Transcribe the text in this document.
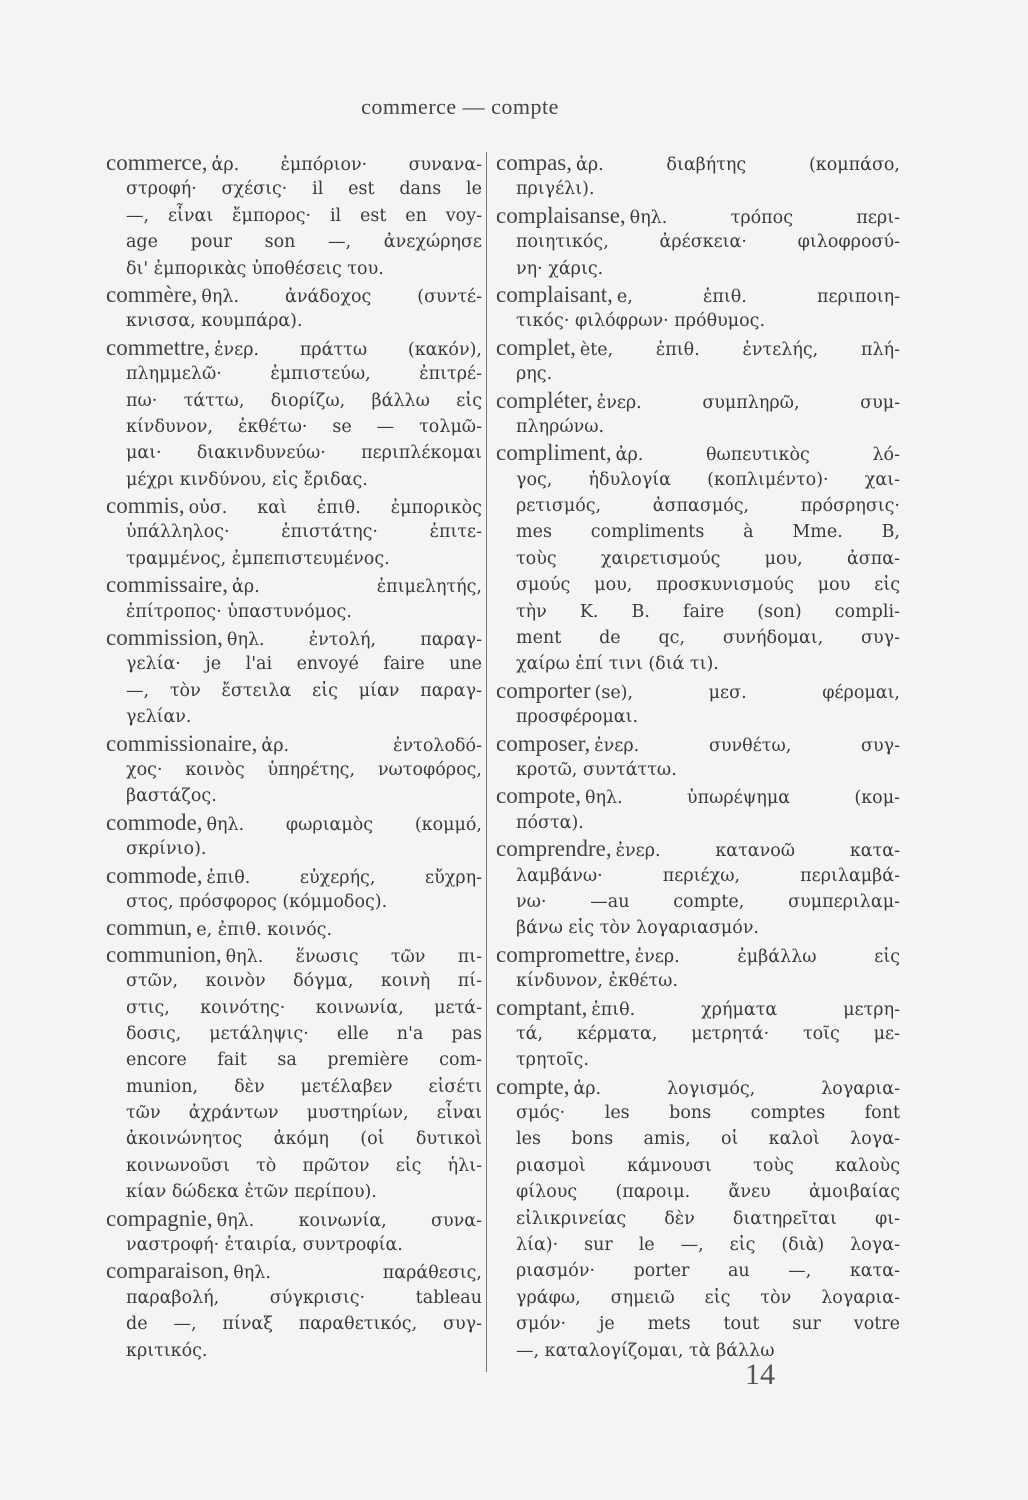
commerce — compte
commerce, ἀρ. ἐμπόριον· συνανα-
στροφή· σχέσις· il est dans le
—, εἶναι ἔμπορος· il est en voy-
age pour son —, ἀνεχώρησε
δι' ἐμπορικὰς ὑποθέσεις του.
commère, θηλ. ἀνάδοχος (συντέ-
κνισσα, κουμπάρα).
commettre, ἐνερ. πράττω (κακόν),
πλημμελῶ· ἐμπιστεύω, ἐπιτρέ-
πω· τάττω, διορίζω, βάλλω εἰς
κίνδυνον, ἐκθέτω· se — τολμῶ-
μαι· διακινδυνεύω· περιπλέκομαι
μέχρι κινδύνου, εἰς ἔριδας.
commis, οὐσ. καὶ ἐπιθ. ἐμπορικὸς
ὑπάλληλος· ἐπιστάτης· ἐπιτε-
τραμμένος, ἐμπεπιστευμένος.
commissaire, ἀρ. ἐπιμελητής,
ἐπίτροπος· ὑπαστυνόμος.
commission, θηλ. ἐντολή, παραγ-
γελία· je l'ai envoyé faire une
—, τὸν ἔστειλα εἰς μίαν παραγ-
γελίαν.
commissionaire, ἀρ. ἐντολοδό-
χος· κοινὸς ὑπηρέτης, νωτοφόρος,
βαστάζος.
commode, θηλ. φωριαμὸς (κομμό,
σκρίνιο).
commode, ἐπιθ. εὐχερής, εὔχρη-
στος, πρόσφορος (κόμμοδος).
commun, e, ἐπιθ. κοινός.
communion, θηλ. ἕνωσις τῶν πι-
στῶν, κοινὸν δόγμα, κοινὴ πί-
στις, κοινότης· κοινωνία, μετά-
δοσις, μετάληψις· elle n'a pas
encore fait sa première com-
munion, δὲν μετέλαβεν εἰσέτι
τῶν ἀχράντων μυστηρίων, εἶναι
ἀκοινώνητος ἀκόμη (οἱ δυτικοὶ
κοινωνοῦσι τὸ πρῶτον εἰς ἡλι-
κίαν δώδεκα ἐτῶν περίπου).
compagnie, θηλ. κοινωνία, συνα-
ναστροφή· ἑταιρία, συντροφία.
comparaison, θηλ. παράθεσις,
παραβολή, σύγκρισις· tableau
de —, πίναξ παραθετικός, συγ-
κριτικός.
compas, ἀρ. διαβήτης (κομπάσο,
πριγέλι).
complaisanse, θηλ. τρόπος περι-
ποιητικός, ἀρέσκεια· φιλοφροσύ-
νη· χάρις.
complaisant, e, ἐπιθ. περιποιη-
τικός· φιλόφρων· πρόθυμος.
complet, ète, ἐπιθ. ἐντελής, πλή-
ρης.
compléter, ἐνερ. συμπληρῶ, συμ-
πληρώνω.
compliment, ἀρ. θωπευτικὸς λό-
γος, ἡδυλογία (κοπλιμέντο)· χαι-
ρετισμός, ἀσπασμός, πρόσρησις·
mes compliments à Mme. B,
τοὺς χαιρετισμούς μου, ἀσπα-
σμούς μου, προσκυνισμούς μου εἰς
τὴν Κ. Β. faire (son) compli-
ment de qc, συνήδομαι, συγ-
χαίρω ἐπί τινι (διά τι).
comporter (se), μεσ. φέρομαι,
προσφέρομαι.
composer, ἐνερ. συνθέτω, συγ-
κροτῶ, συντάττω.
compote, θηλ. ὑπωρέψημα (κομ-
πόστα).
comprendre, ἐνερ. κατανοῶ κατα-
λαμβάνω· περιέχω, περιλαμβά-
νω· —au compte, συμπεριλαμ-
βάνω εἰς τὸν λογαριασμόν.
compromettre, ἐνερ. ἐμβάλλω εἰς
κίνδυνον, ἐκθέτω.
comptant, ἐπιθ. χρήματα μετρη-
τά, κέρματα, μετρητά· τοῖς με-
τρητοῖς.
compte, ἀρ. λογισμός, λογαρια-
σμός· les bons comptes font
les bons amis, οἱ καλοὶ λογα-
ριασμοὶ κάμνουσι τοὺς καλοὺς
φίλους (παροιμ. ἄνευ ἀμοιβαίας
εἰλικρινείας δὲν διατηρεῖται φι-
λία)· sur le —, εἰς (διὰ) λογα-
ριασμόν· porter au —, κατα-
γράφω, σημειῶ εἰς τὸν λογαρια-
σμόν· je mets tout sur votre
—, καταλογίζομαι, τὰ βάλλω
14
